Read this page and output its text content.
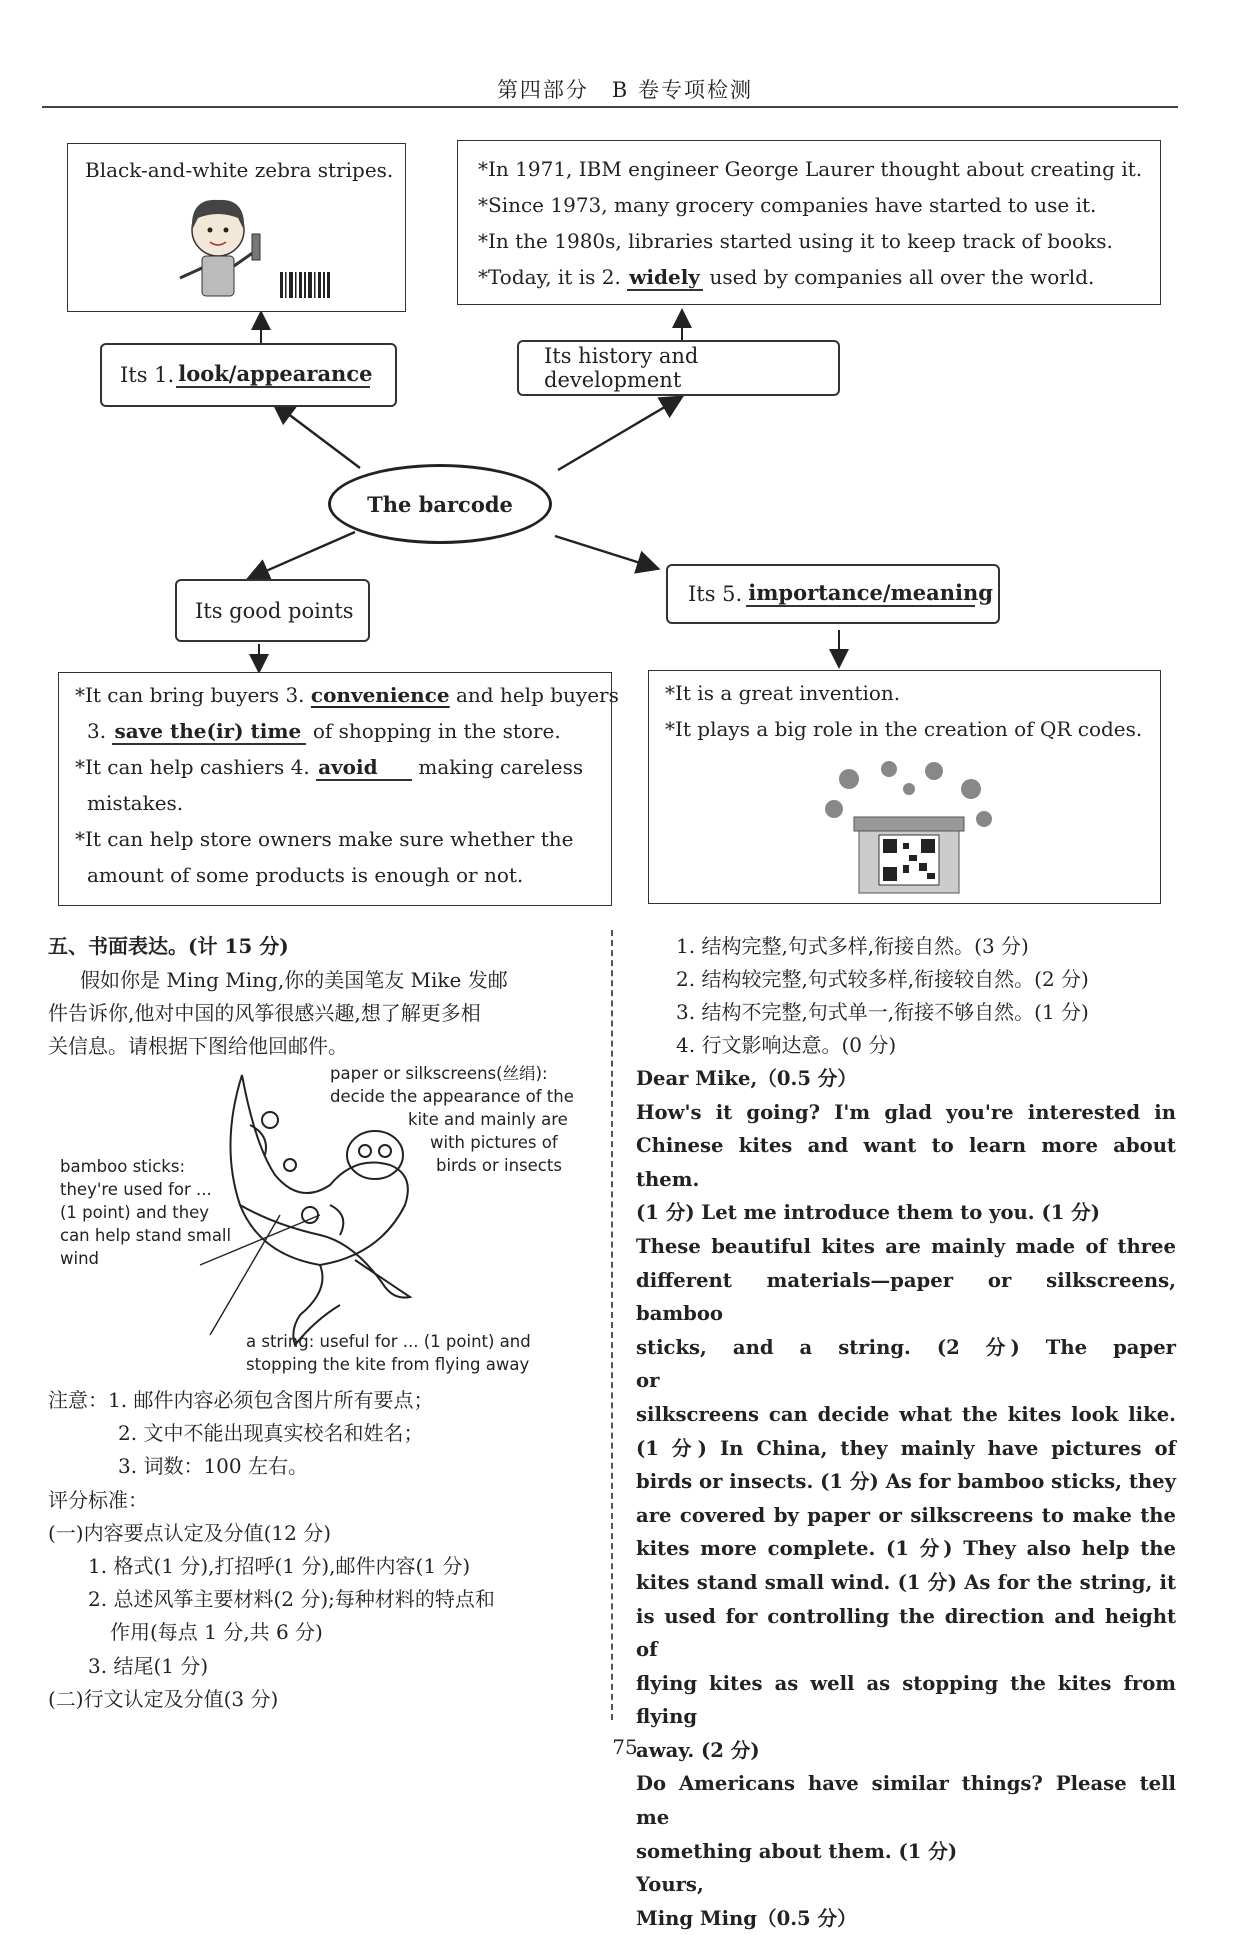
第四部分　B 卷专项检测
Black-and-white zebra stripes.	*In 1971, IBM engineer George Laurer thought about creating it.
*Since 1973, many grocery companies have started to use it.
*In the 1980s, libraries started using it to keep track of books.
*Today, it is 2. widely used by companies all over the world.
Its 1. look/appearance
Its history and development
The barcode
Its good points
Its 5. importance/meaning
*It can bring buyers 3. convenience and help buyers
3. save the(ir) time of shopping in the store.
*It can help cashiers 4. avoid making careless
mistakes.
*It can help store owners make sure whether the
amount of some products is enough or not.
*It is a great invention.
*It plays a big role in the creation of QR codes.
五、书面表达。(计 15 分)
假如你是 Ming Ming,你的美国笔友 Mike 发邮
件告诉你,他对中国的风筝很感兴趣,想了解更多相
关信息。请根据下图给他回邮件。
paper or silkscreens(丝绢):
decide the appearance of the
kite and mainly are
with pictures of
birds or insects
bamboo sticks:
they're used for ...
(1 point) and they
can help stand small
wind
a string: useful for ... (1 point) and
stopping the kite from flying away
注意：1. 邮件内容必须包含图片所有要点；
2. 文中不能出现真实校名和姓名；
3. 词数：100 左右。
评分标准：
(一)内容要点认定及分值(12 分)
1. 格式(1 分),打招呼(1 分),邮件内容(1 分)
2. 总述风筝主要材料(2 分);每种材料的特点和
作用(每点 1 分,共 6 分)
3. 结尾(1 分)
(二)行文认定及分值(3 分)
1. 结构完整,句式多样,衔接自然。(3 分)
2. 结构较完整,句式较多样,衔接较自然。(2 分)
3. 结构不完整,句式单一,衔接不够自然。(1 分)
4. 行文影响达意。(0 分)
Dear Mike,（0.5 分）
How's it going? I'm glad you're interested in
Chinese kites and want to learn more about them.
(1 分) Let me introduce them to you. (1 分)
These beautiful kites are mainly made of three
different materials—paper or silkscreens, bamboo
sticks, and a string. (2 分) The paper or
silkscreens can decide what the kites look like.
(1 分) In China, they mainly have pictures of
birds or insects. (1 分) As for bamboo sticks, they
are covered by paper or silkscreens to make the
kites more complete. (1 分) They also help the
kites stand small wind. (1 分) As for the string, it
is used for controlling the direction and height of
flying kites as well as stopping the kites from flying
away. (2 分)
Do Americans have similar things? Please tell me
something about them. (1 分)
Yours,
Ming Ming（0.5 分）
75
